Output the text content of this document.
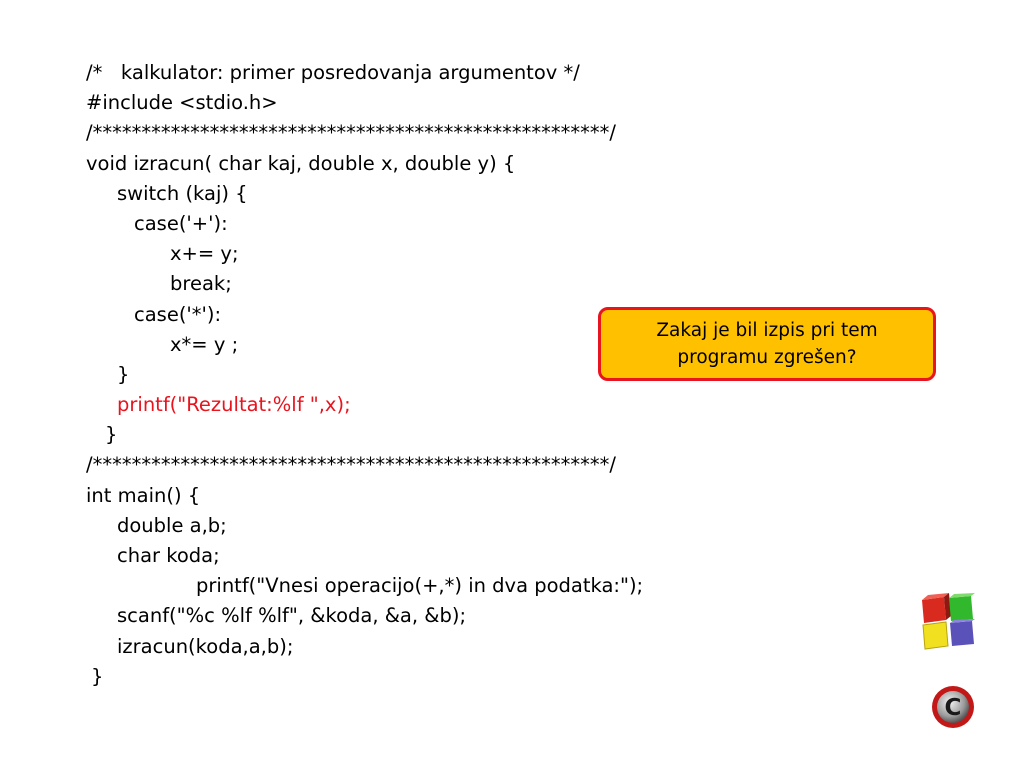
/*   kalkulator: primer posredovanja argumentov */
#include <stdio.h>
/*****************************************************/
void izracun( char kaj, double x, double y) {
switch (kaj) {
case('+'):
x+= y;
break;
case('*'):
x*= y ;
}
printf("Rezultat:%lf ",x);
}
/*****************************************************/
int main() {
double a,b;
char koda;
printf("Vnesi operacijo(+,*) in dva podatka:");
scanf("%c %lf %lf", &koda, &a, &b);
izracun(koda,a,b);
}
Zakaj je bil izpis pri tem
programu zgrešen?
C
